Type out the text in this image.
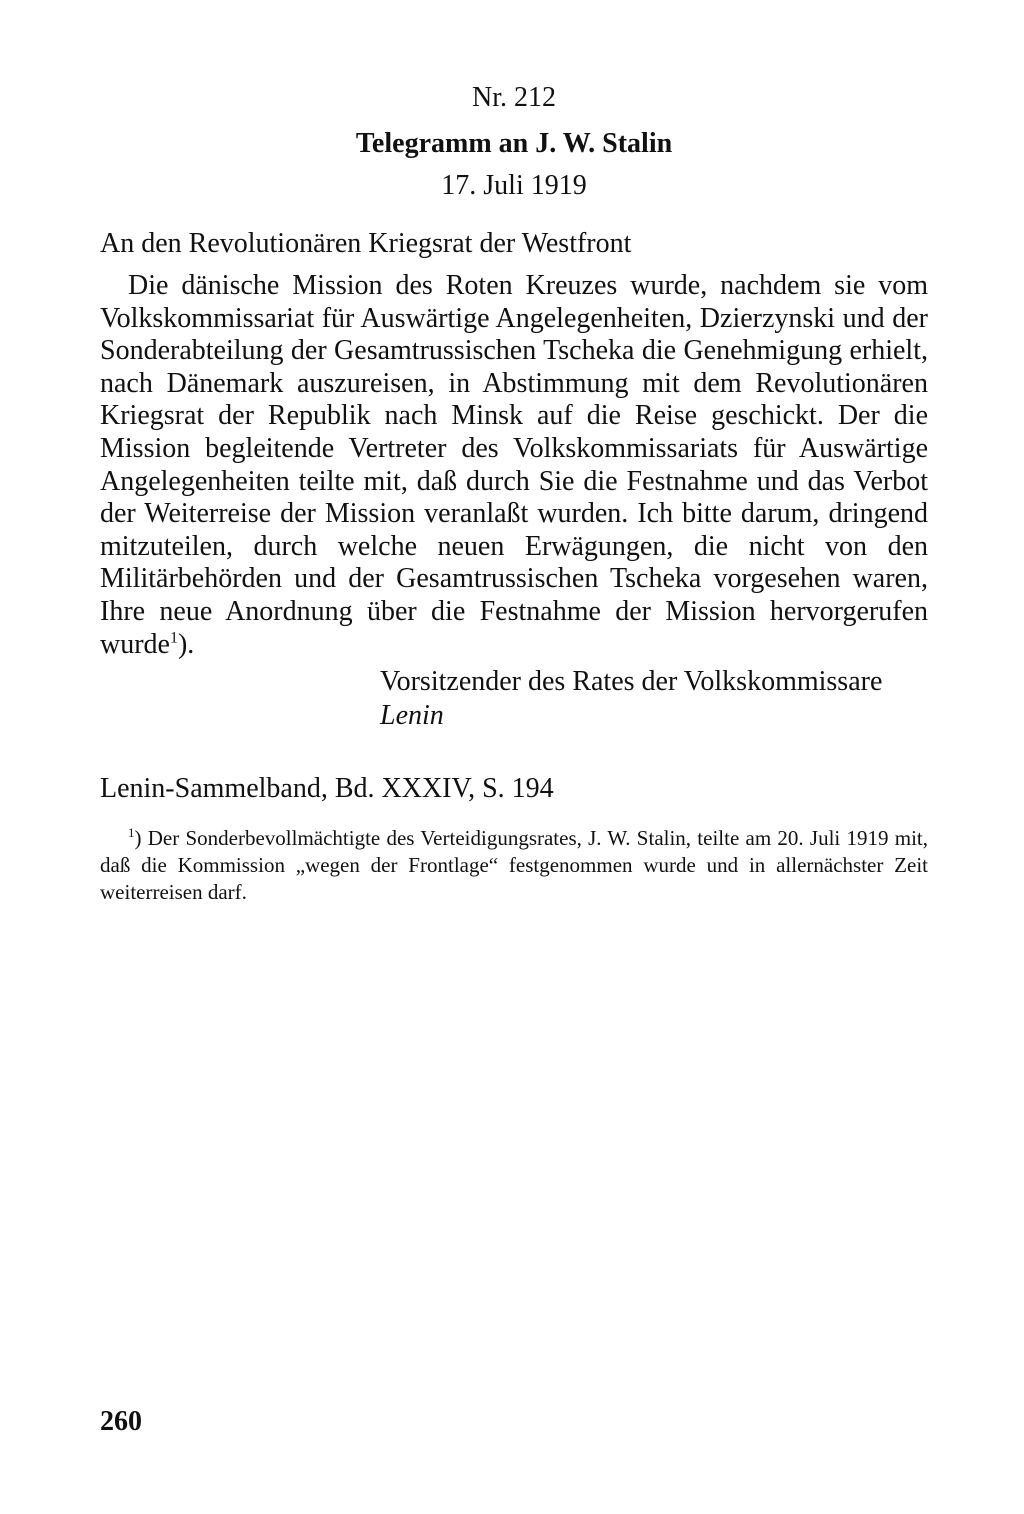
Nr. 212

Telegramm an J. W. Stalin

17. Juli 1919

An den Revolutionären Kriegsrat der Westfront

Die dänische Mission des Roten Kreuzes wurde, nachdem sie vom Volkskommissariat für Auswärtige Angelegenheiten, Dzierzynski und der Sonderabteilung der Gesamtrussischen Tscheka die Genehmigung erhielt, nach Dänemark auszureisen, in Abstimmung mit dem Revolutionären Kriegsrat der Republik nach Minsk auf die Reise geschickt. Der die Mission begleitende Vertreter des Volkskommissariats für Auswärtige Angelegenheiten teilte mit, daß durch Sie die Festnahme und das Verbot der Weiterreise der Mission veranlaßt wurden. Ich bitte darum, dringend mitzuteilen, durch welche neuen Erwägungen, die nicht von den Militärbehörden und der Gesamtrussischen Tscheka vorgesehen waren, Ihre neue Anordnung über die Festnahme der Mission hervorgerufen wurde$^1$).

Vorsitzender des Rates der Volkskommissare
Lenin

Lenin-Sammelband, Bd. XXXIV, S. 194

$^1$) Der Sonderbevollmächtigte des Verteidigungsrates, J. W. Stalin, teilte am 20. Juli 1919 mit, daß die Kommission „wegen der Frontlage“ festgenommen wurde und in allernächster Zeit weiterreisen darf.

260
